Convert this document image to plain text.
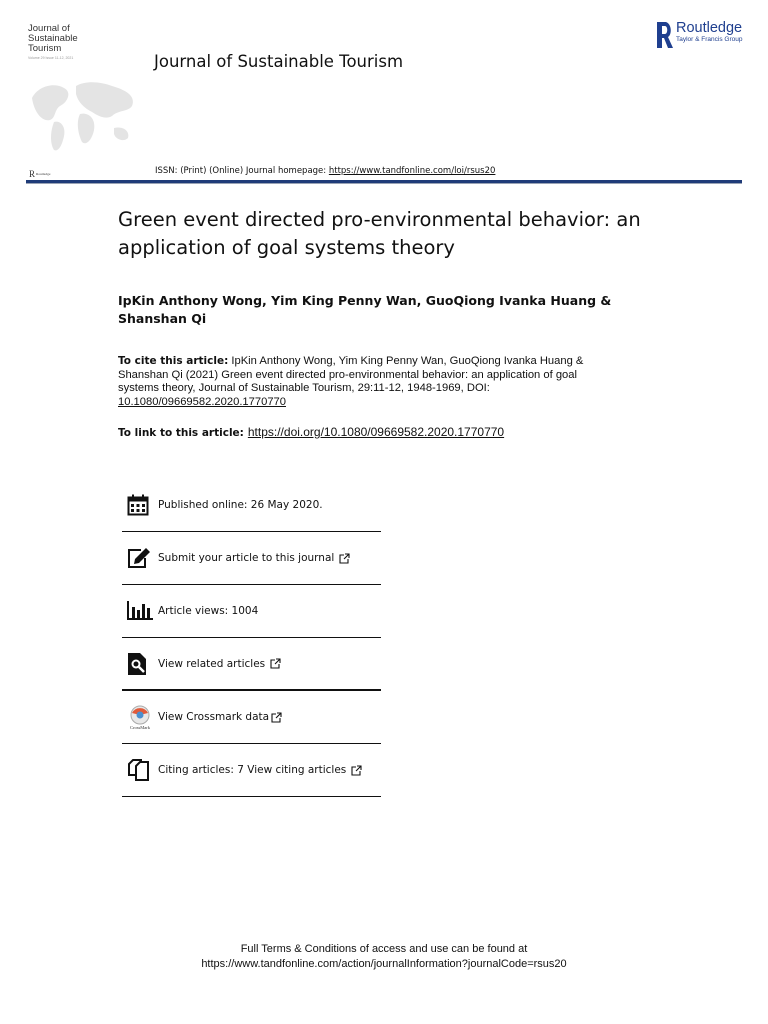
Journal of
Sustainable
Tourism
Volume 29 Issue 11-12, 2021	Journal of Sustainable Tourism
Routledge
Taylor & Francis Group
R Routledge	ISSN: (Print) (Online) Journal homepage: https://www.tandfonline.com/loi/rsus20
Green event directed pro-environmental behavior: an application of goal systems theory
IpKin Anthony Wong, Yim King Penny Wan, GuoQiong Ivanka Huang & Shanshan Qi
To cite this article: IpKin Anthony Wong, Yim King Penny Wan, GuoQiong Ivanka Huang & Shanshan Qi (2021) Green event directed pro-environmental behavior: an application of goal systems theory, Journal of Sustainable Tourism, 29:11-12, 1948-1969, DOI: 10.1080/09669582.2020.1770770
To link to this article: https://doi.org/10.1080/09669582.2020.1770770
Published online: 26 May 2020.
Submit your article to this journal
Article views: 1004
View related articles
CrossMark
View Crossmark data
Citing articles: 7 View citing articles
Full Terms & Conditions of access and use can be found at
https://www.tandfonline.com/action/journalInformation?journalCode=rsus20
